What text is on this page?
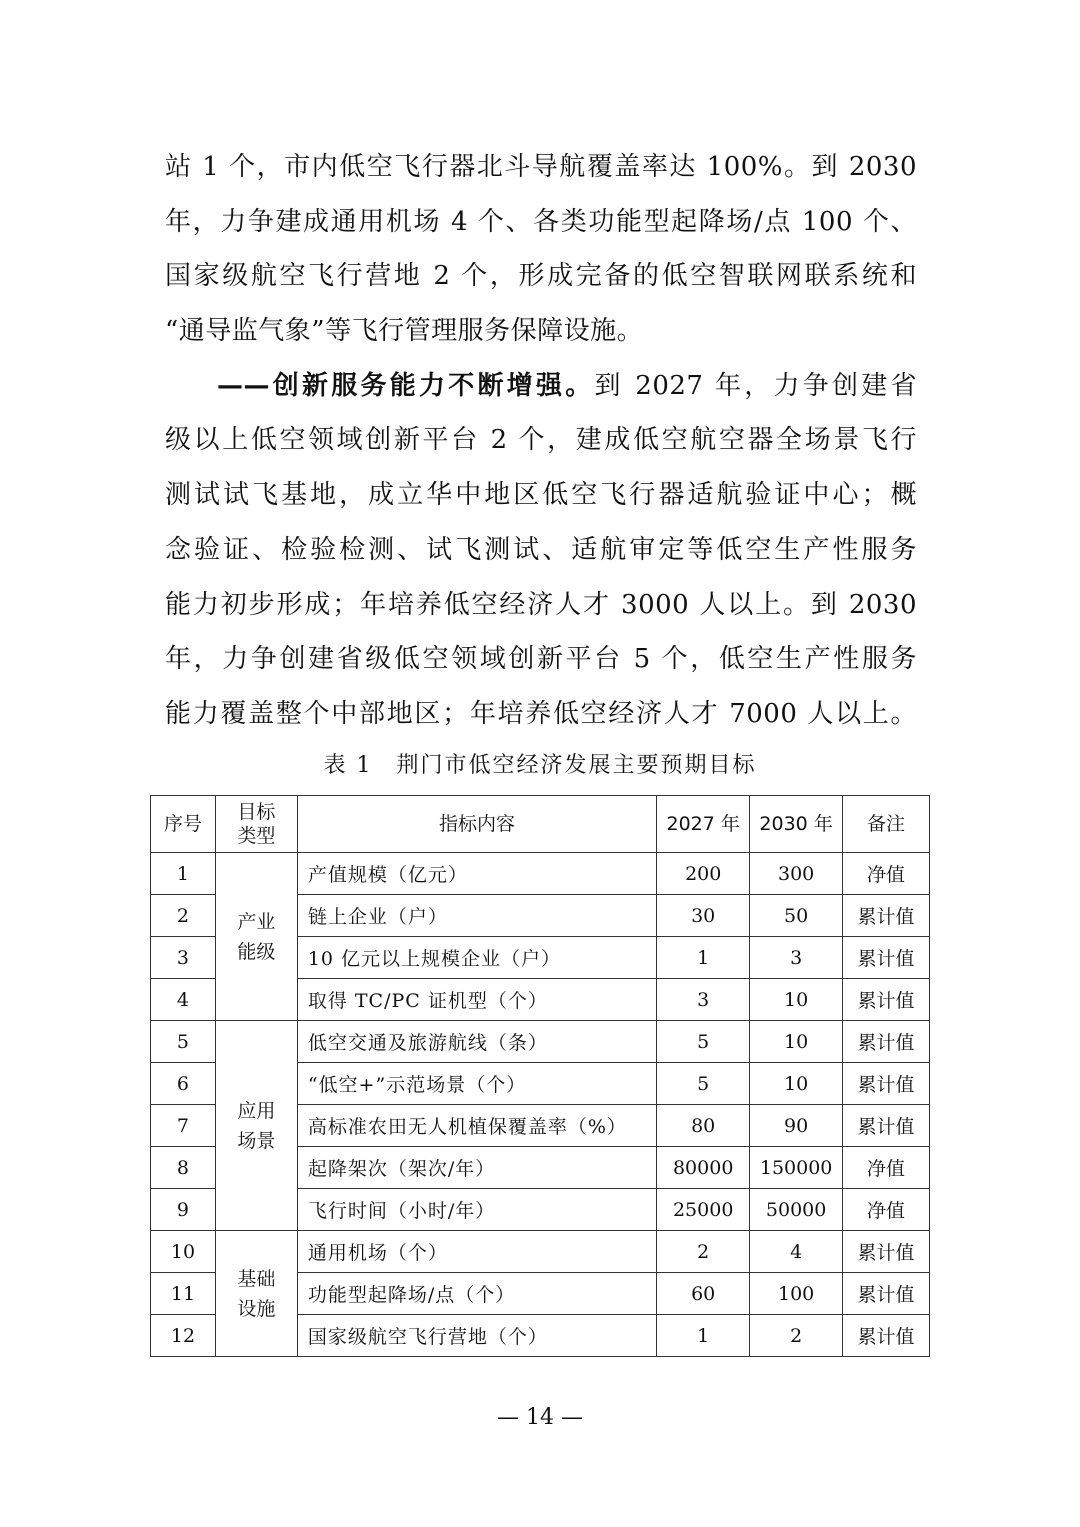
站 1 个，市内低空飞行器北斗导航覆盖率达 100%。到 2030
年，力争建成通用机场 4 个、各类功能型起降场/点 100 个、
国家级航空飞行营地 2 个，形成完备的低空智联网联系统和
“通导监气象”等飞行管理服务保障设施。
——创新服务能力不断增强。到 2027 年，力争创建省
级以上低空领域创新平台 2 个，建成低空航空器全场景飞行
测试试飞基地，成立华中地区低空飞行器适航验证中心；概
念验证、检验检测、试飞测试、适航审定等低空生产性服务
能力初步形成；年培养低空经济人才 3000 人以上。到 2030
年，力争创建省级低空领域创新平台 5 个，低空生产性服务
能力覆盖整个中部地区；年培养低空经济人才 7000 人以上。
表 1　荆门市低空经济发展主要预期目标
序号	目标类型	指标内容	2027 年	2030 年	备注
1	产业能级	产值规模（亿元）	200	300	净值
2		链上企业（户）	30	50	累计值
3		10 亿元以上规模企业（户）	1	3	累计值
4		取得 TC/PC 证机型（个）	3	10	累计值
5	应用场景	低空交通及旅游航线（条）	5	10	累计值
6		“低空+”示范场景（个）	5	10	累计值
7		高标准农田无人机植保覆盖率（%）	80	90	累计值
8		起降架次（架次/年）	80000	150000	净值
9		飞行时间（小时/年）	25000	50000	净值
10	基础设施	通用机场（个）	2	4	累计值
11		功能型起降场/点（个）	60	100	累计值
12		国家级航空飞行营地（个）	1	2	累计值
— 14 —
